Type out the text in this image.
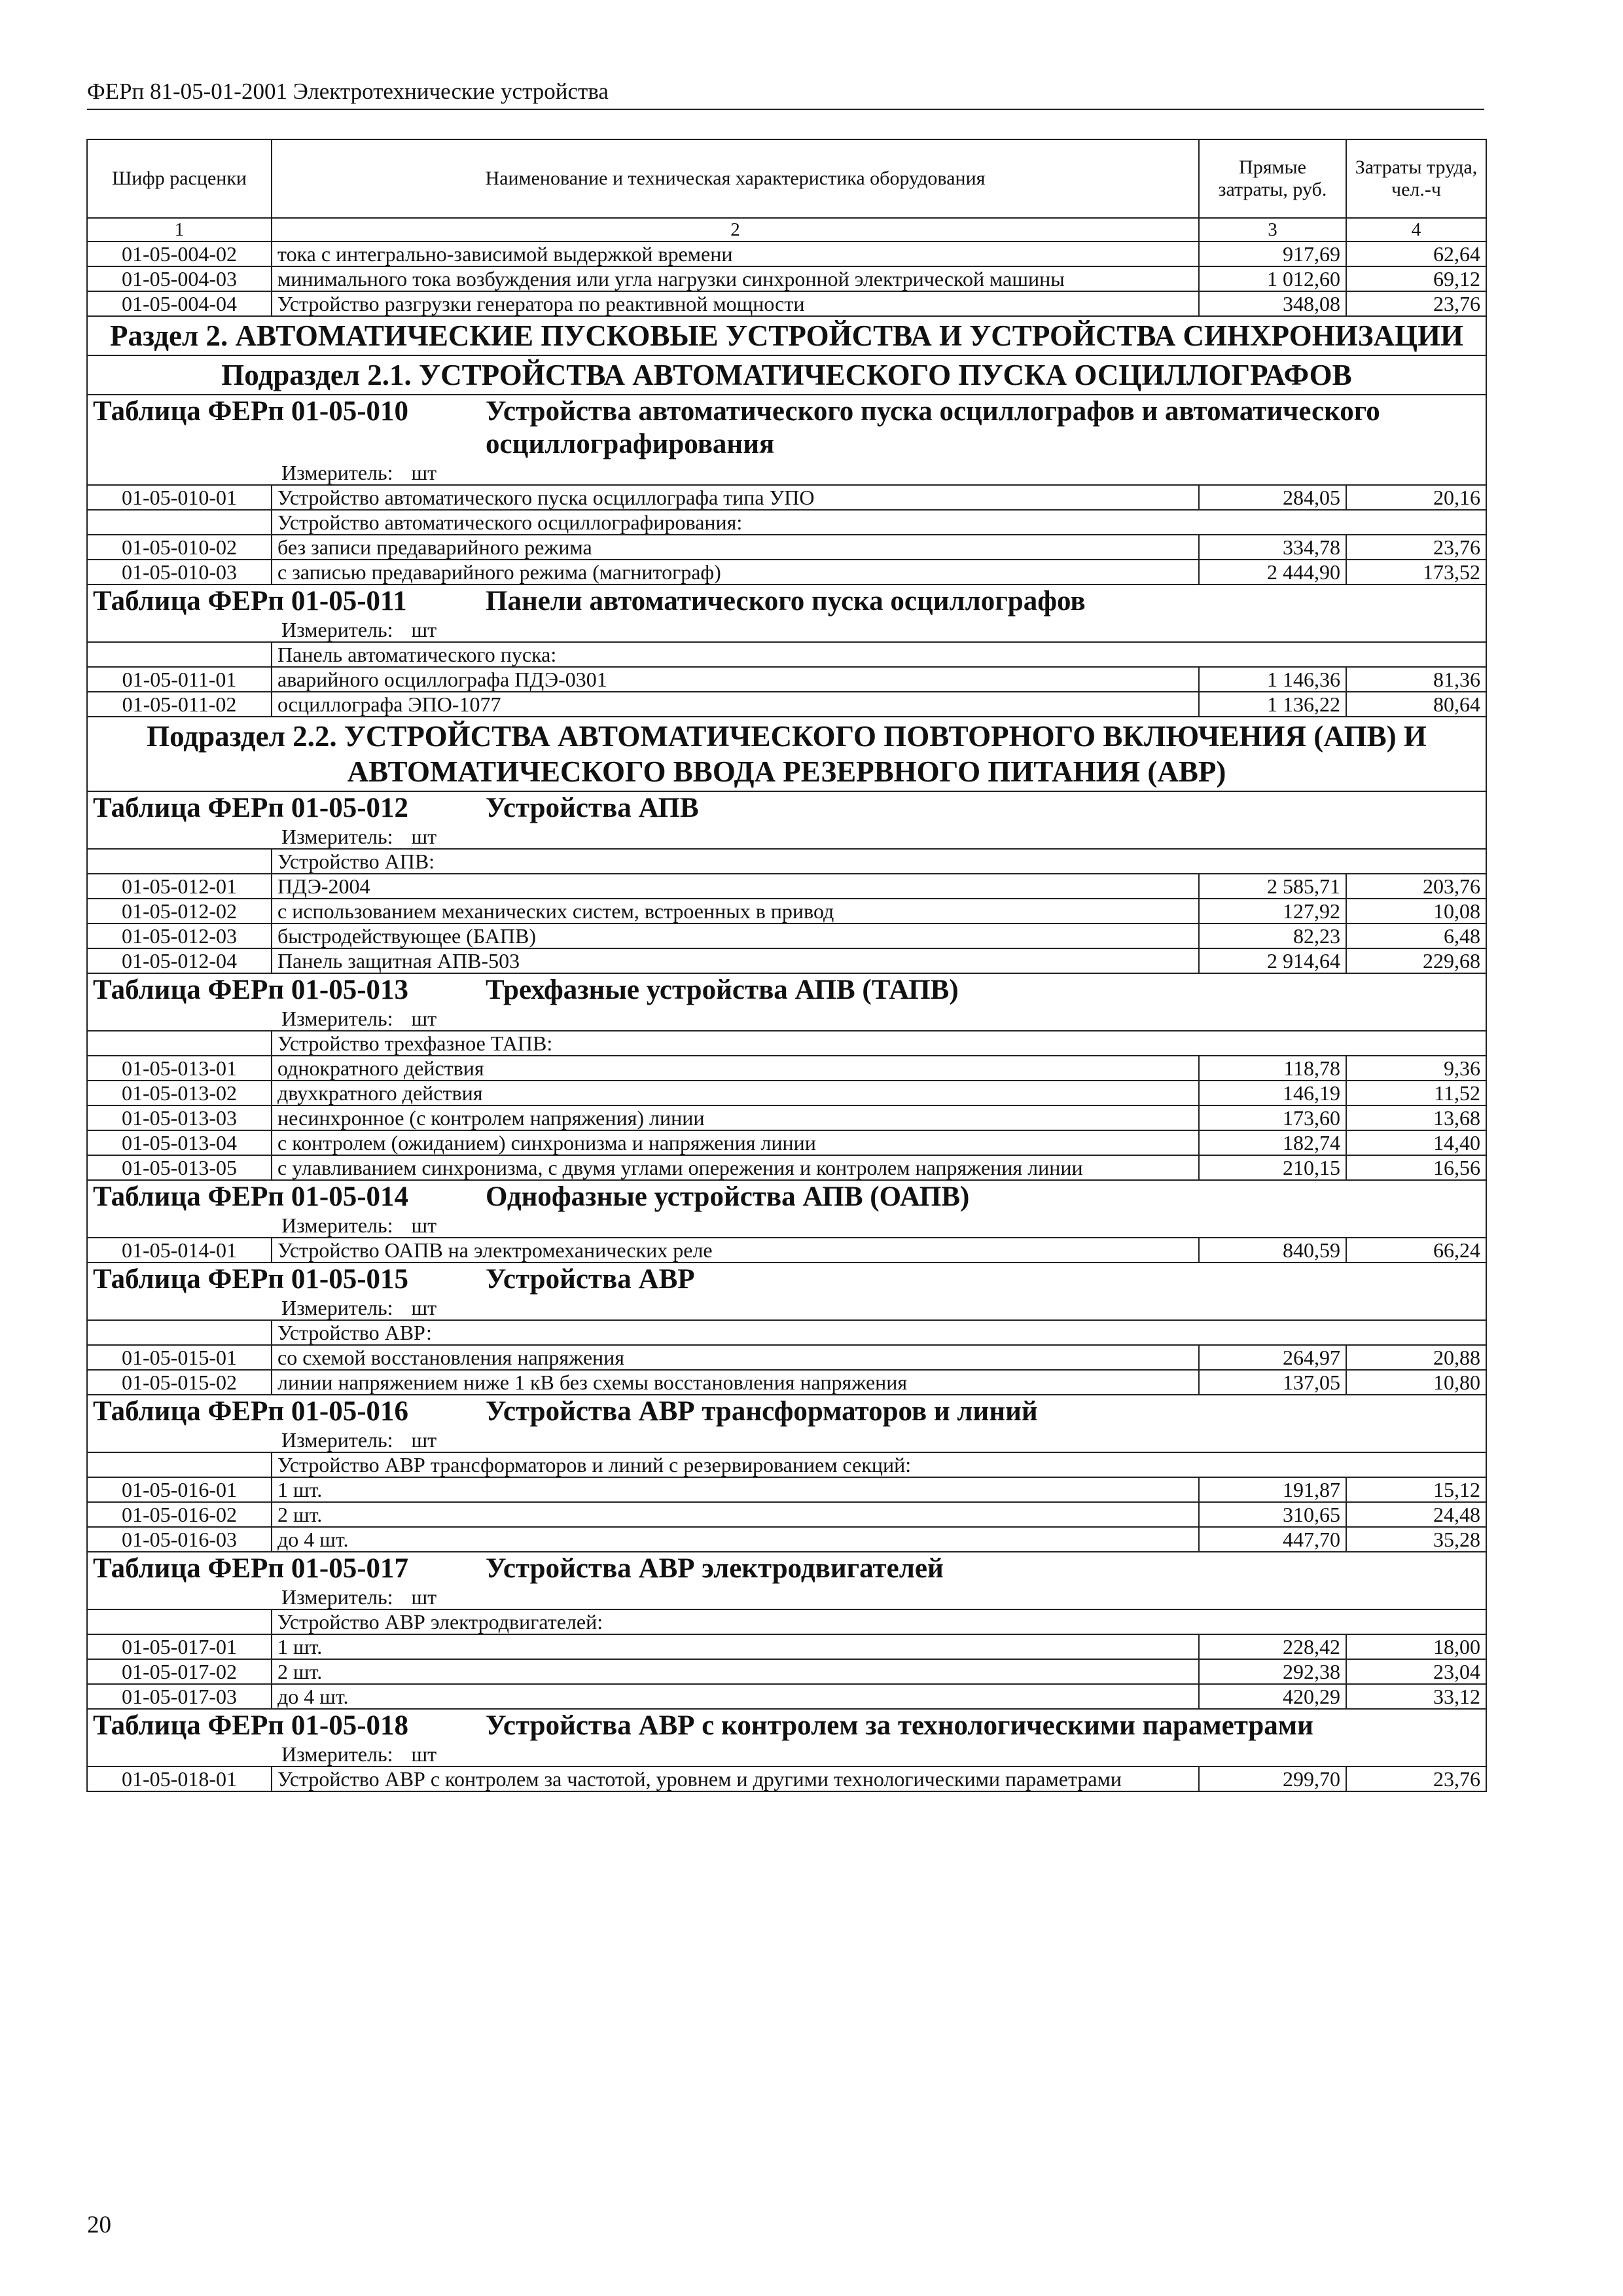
ФЕРп 81-05-01-2001 Электротехнические устройства
Шифр расценки	Наименование и техническая характеристика оборудования	Прямые затраты, руб.	Затраты труда, чел.-ч
1	2	3	4
01-05-004-02	тока с интегрально-зависимой выдержкой времени	917,69	62,64
01-05-004-03	минимального тока возбуждения или угла нагрузки синхронной электрической машины	1 012,60	69,12
01-05-004-04	Устройство разгрузки генератора по реактивной мощности	348,08	23,76
Раздел 2. АВТОМАТИЧЕСКИЕ ПУСКОВЫЕ УСТРОЙСТВА И УСТРОЙСТВА СИНХРОНИЗАЦИИ			
Подраздел 2.1. УСТРОЙСТВА АВТОМАТИЧЕСКОГО ПУСКА ОСЦИЛЛОГРАФОВ			
Таблица ФЕРп 01-05-010 Устройства автоматического пуска осциллографов и автоматического осциллографирования			
Измеритель: шт			
01-05-010-01	Устройство автоматического пуска осциллографа типа УПО	284,05	20,16
	Устройство автоматического осциллографирования:		
01-05-010-02	без записи предаварийного режима	334,78	23,76
01-05-010-03	с записью предаварийного режима (магнитограф)	2 444,90	173,52
Таблица ФЕРп 01-05-011 Панели автоматического пуска осциллографов			
Измеритель: шт			
	Панель автоматического пуска:		
01-05-011-01	аварийного осциллографа ПДЭ-0301	1 146,36	81,36
01-05-011-02	осциллографа ЭПО-1077	1 136,22	80,64
Подраздел 2.2. УСТРОЙСТВА АВТОМАТИЧЕСКОГО ПОВТОРНОГО ВКЛЮЧЕНИЯ (АПВ) И АВТОМАТИЧЕСКОГО ВВОДА РЕЗЕРВНОГО ПИТАНИЯ (АВР)			
Таблица ФЕРп 01-05-012 Устройства АПВ			
Измеритель: шт			
	Устройство АПВ:		
01-05-012-01	ПДЭ-2004	2 585,71	203,76
01-05-012-02	с использованием механических систем, встроенных в привод	127,92	10,08
01-05-012-03	быстродействующее (БАПВ)	82,23	6,48
01-05-012-04	Панель защитная АПВ-503	2 914,64	229,68
Таблица ФЕРп 01-05-013 Трехфазные устройства АПВ (ТАПВ)			
Измеритель: шт			
	Устройство трехфазное ТАПВ:		
01-05-013-01	однократного действия	118,78	9,36
01-05-013-02	двухкратного действия	146,19	11,52
01-05-013-03	несинхронное (с контролем напряжения) линии	173,60	13,68
01-05-013-04	с контролем (ожиданием) синхронизма и напряжения линии	182,74	14,40
01-05-013-05	с улавливанием синхронизма, с двумя углами опережения и контролем напряжения линии	210,15	16,56
Таблица ФЕРп 01-05-014 Однофазные устройства АПВ (ОАПВ)			
Измеритель: шт			
01-05-014-01	Устройство ОАПВ на электромеханических реле	840,59	66,24
Таблица ФЕРп 01-05-015 Устройства АВР			
Измеритель: шт			
	Устройство АВР:		
01-05-015-01	со схемой восстановления напряжения	264,97	20,88
01-05-015-02	линии напряжением ниже 1 кВ без схемы восстановления напряжения	137,05	10,80
Таблица ФЕРп 01-05-016 Устройства АВР трансформаторов и линий			
Измеритель: шт			
	Устройство АВР трансформаторов и линий с резервированием секций:		
01-05-016-01	1 шт.	191,87	15,12
01-05-016-02	2 шт.	310,65	24,48
01-05-016-03	до 4 шт.	447,70	35,28
Таблица ФЕРп 01-05-017 Устройства АВР электродвигателей			
Измеритель: шт			
	Устройство АВР электродвигателей:		
01-05-017-01	1 шт.	228,42	18,00
01-05-017-02	2 шт.	292,38	23,04
01-05-017-03	до 4 шт.	420,29	33,12
Таблица ФЕРп 01-05-018 Устройства АВР с контролем за технологическими параметрами			
Измеритель: шт			
01-05-018-01	Устройство АВР с контролем за частотой, уровнем и другими технологическими параметрами	299,70	23,76
20
